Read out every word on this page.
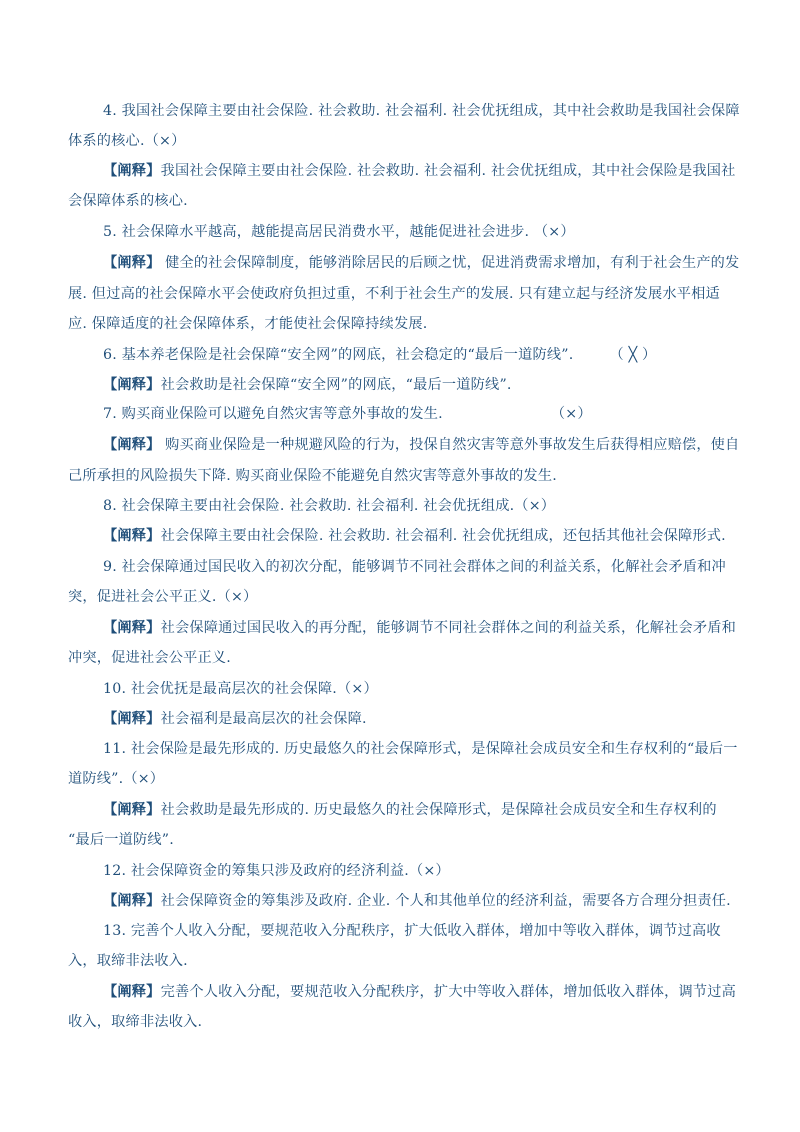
4. 我国社会保障主要由社会保险. 社会救助. 社会福利. 社会优抚组成，其中社会救助是我国社会保障
体系的核心.（×）
【阐释】我国社会保障主要由社会保险. 社会救助. 社会福利. 社会优抚组成，其中社会保险是我国社
会保障体系的核心.
5. 社会保障水平越高，越能提高居民消费水平，越能促进社会进步. （×）
【阐释】 健全的社会保障制度，能够消除居民的后顾之忧，促进消费需求增加，有利于社会生产的发
展. 但过高的社会保障水平会使政府负担过重，不利于社会生产的发展. 只有建立起与经济发展水平相适
应. 保障适度的社会保障体系，才能使社会保障持续发展.
6. 基本养老保险是社会保障“安全网”的网底，社会稳定的“最后一道防线”.　　　（ ╳ ）
【阐释】社会救助是社会保障“安全网”的网底，“最后一道防线”.
7. 购买商业保险可以避免自然灾害等意外事故的发生.　　　　　　　　（×）
【阐释】 购买商业保险是一种规避风险的行为，投保自然灾害等意外事故发生后获得相应赔偿，使自
己所承担的风险损失下降. 购买商业保险不能避免自然灾害等意外事故的发生.
8. 社会保障主要由社会保险. 社会救助. 社会福利. 社会优抚组成.（×）
【阐释】社会保障主要由社会保险. 社会救助. 社会福利. 社会优抚组成，还包括其他社会保障形式.
9. 社会保障通过国民收入的初次分配，能够调节不同社会群体之间的利益关系，化解社会矛盾和冲
突，促进社会公平正义.（×）
【阐释】社会保障通过国民收入的再分配，能够调节不同社会群体之间的利益关系，化解社会矛盾和
冲突，促进社会公平正义.
10. 社会优抚是最高层次的社会保障.（×）
【阐释】社会福利是最高层次的社会保障.
11. 社会保险是最先形成的. 历史最悠久的社会保障形式，是保障社会成员安全和生存权利的“最后一
道防线”.（×）
【阐释】社会救助是最先形成的. 历史最悠久的社会保障形式，是保障社会成员安全和生存权利的
“最后一道防线”.
12. 社会保障资金的筹集只涉及政府的经济利益.（×）
【阐释】社会保障资金的筹集涉及政府. 企业. 个人和其他单位的经济利益，需要各方合理分担责任.
13. 完善个人收入分配，要规范收入分配秩序，扩大低收入群体，增加中等收入群体，调节过高收
入，取缔非法收入.
【阐释】完善个人收入分配，要规范收入分配秩序，扩大中等收入群体，增加低收入群体，调节过高
收入，取缔非法收入.
